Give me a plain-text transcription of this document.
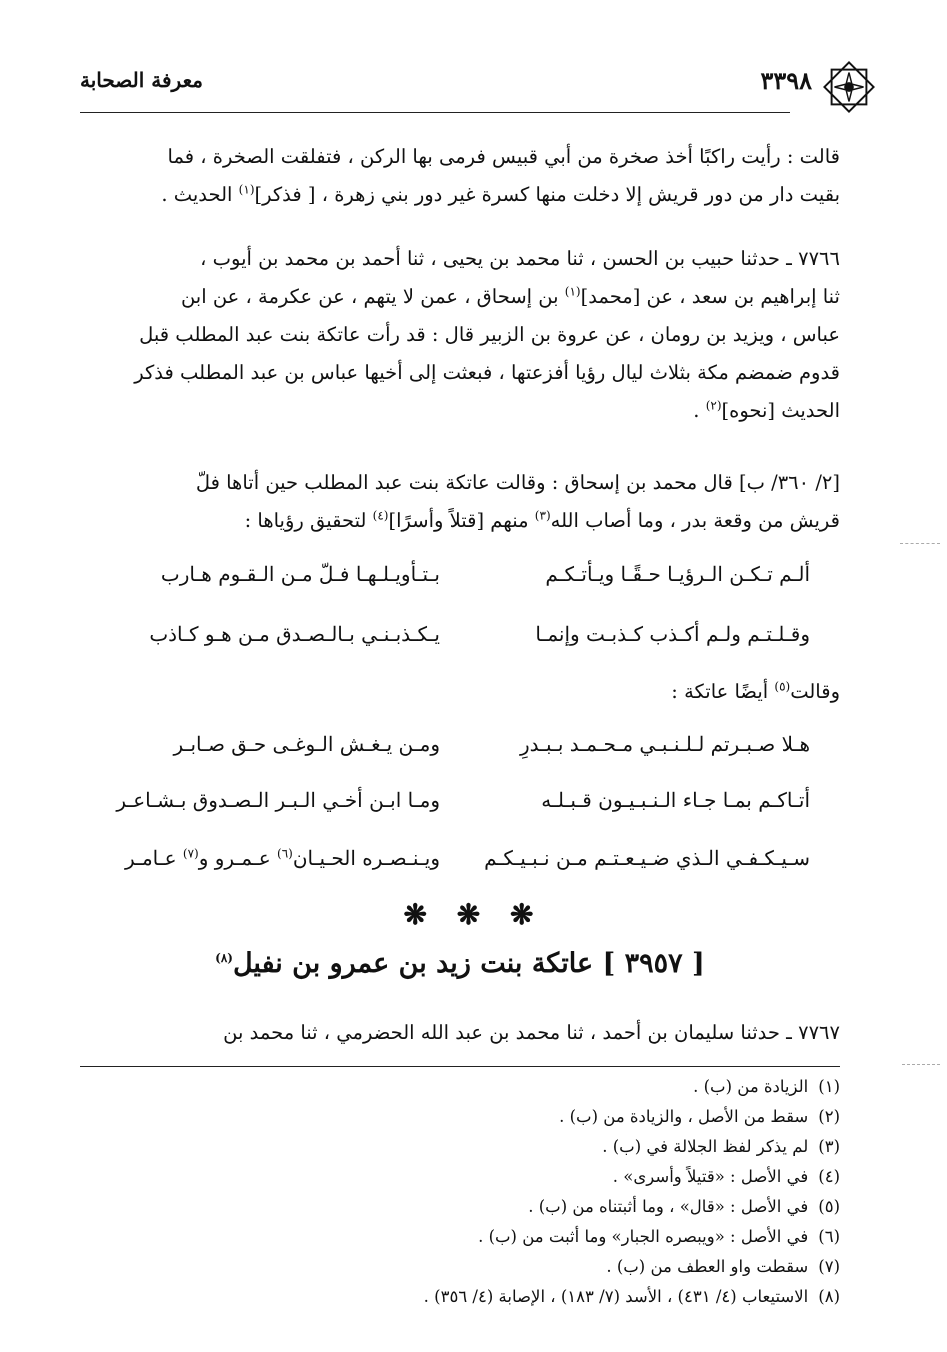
٣٣٩٨
معرفة الصحابة
قالت : رأيت راكبًا أخذ صخرة من أبي قبيس فرمى بها الركن ، فتفلقت الصخرة ، فما
بقيت دار من دور قريش إلا دخلت منها كسرة غير دور بني زهرة ، [ فذكر]$^{(١)}$ الحديث .
٧٧٦٦ ـ حدثنا حبيب بن الحسن ، ثنا محمد بن يحيى ، ثنا أحمد بن محمد بن أيوب ،
ثنا إبراهيم بن سعد ، عن [محمد]$^{(١)}$ بن إسحاق ، عمن لا يتهم ، عن عكرمة ، عن ابن
عباس ، ويزيد بن رومان ، عن عروة بن الزبير قال : قد رأت عاتكة بنت عبد المطلب قبل
قدوم ضمضم مكة بثلاث ليال رؤيا أفزعتها ، فبعثت إلى أخيها عباس بن عبد المطلب فذكر
الحديث [نحوه]$^{(٢)}$ .
[٢/ ٣٦٠/ ب] قال محمد بن إسحاق : وقالت عاتكة بنت عبد المطلب حين أتاها فلّ
قريش من وقعة بدر ، وما أصاب الله$^{(٣)}$ منهم [قتلاً وأسرًا]$^{(٤)}$ لتحقيق رؤياها :
ألـم تـكـن الـرؤيـا حـقًـا ويـأتـكـم
بـتـأويـلـهـا فـلّ مـن الـقـوم هـارب
وقـلـتـم ولـم أكـذب كـذبـت وإنمـا
يـكـذبـنـي بـالـصـدق مـن هـو كـاذب
وقالت$^{(٥)}$ أيضًا عاتكة :
هـلا صـبـرتم لـلـنـبـي مـحـمـد بـبـدرِ
ومـن يـغـش الـوغـى حـق صـابـر
أتـاكـم بمـا جـاء الـنـبـيـون قـبـلـه
ومـا ابـن أخـي الـبـر الـصـدوق بـشـاعـر
سـيـكـفـي الـذي ضـيـعـتـم مـن نـبـيـكـم
ويـنـصـره الحـيـان$^{(٦)}$ عـمـرو و$^{(٧)}$ عـامـر
❋ ❋ ❋
[ ٣٩٥٧ ] عاتكة بنت زيد بن عمرو بن نفيل$^{(٨)}$
٧٧٦٧ ـ حدثنا سليمان بن أحمد ، ثنا محمد بن عبد الله الحضرمي ، ثنا محمد بن
(١)الزيادة من (ب) .
(٢)سقط من الأصل ، والزيادة من (ب) .
(٣)لم يذكر لفظ الجلالة في (ب) .
(٤)في الأصل : «قتيلاً وأسرى» .
(٥)في الأصل : «قال» ، وما أثبتناه من (ب) .
(٦)في الأصل : «ويبصره الجبار» وما أثبت من (ب) .
(٧)سقطت واو العطف من (ب) .
(٨)الاستيعاب (٤/ ٤٣١) ، الأسد (٧/ ١٨٣) ، الإصابة (٤/ ٣٥٦) .
